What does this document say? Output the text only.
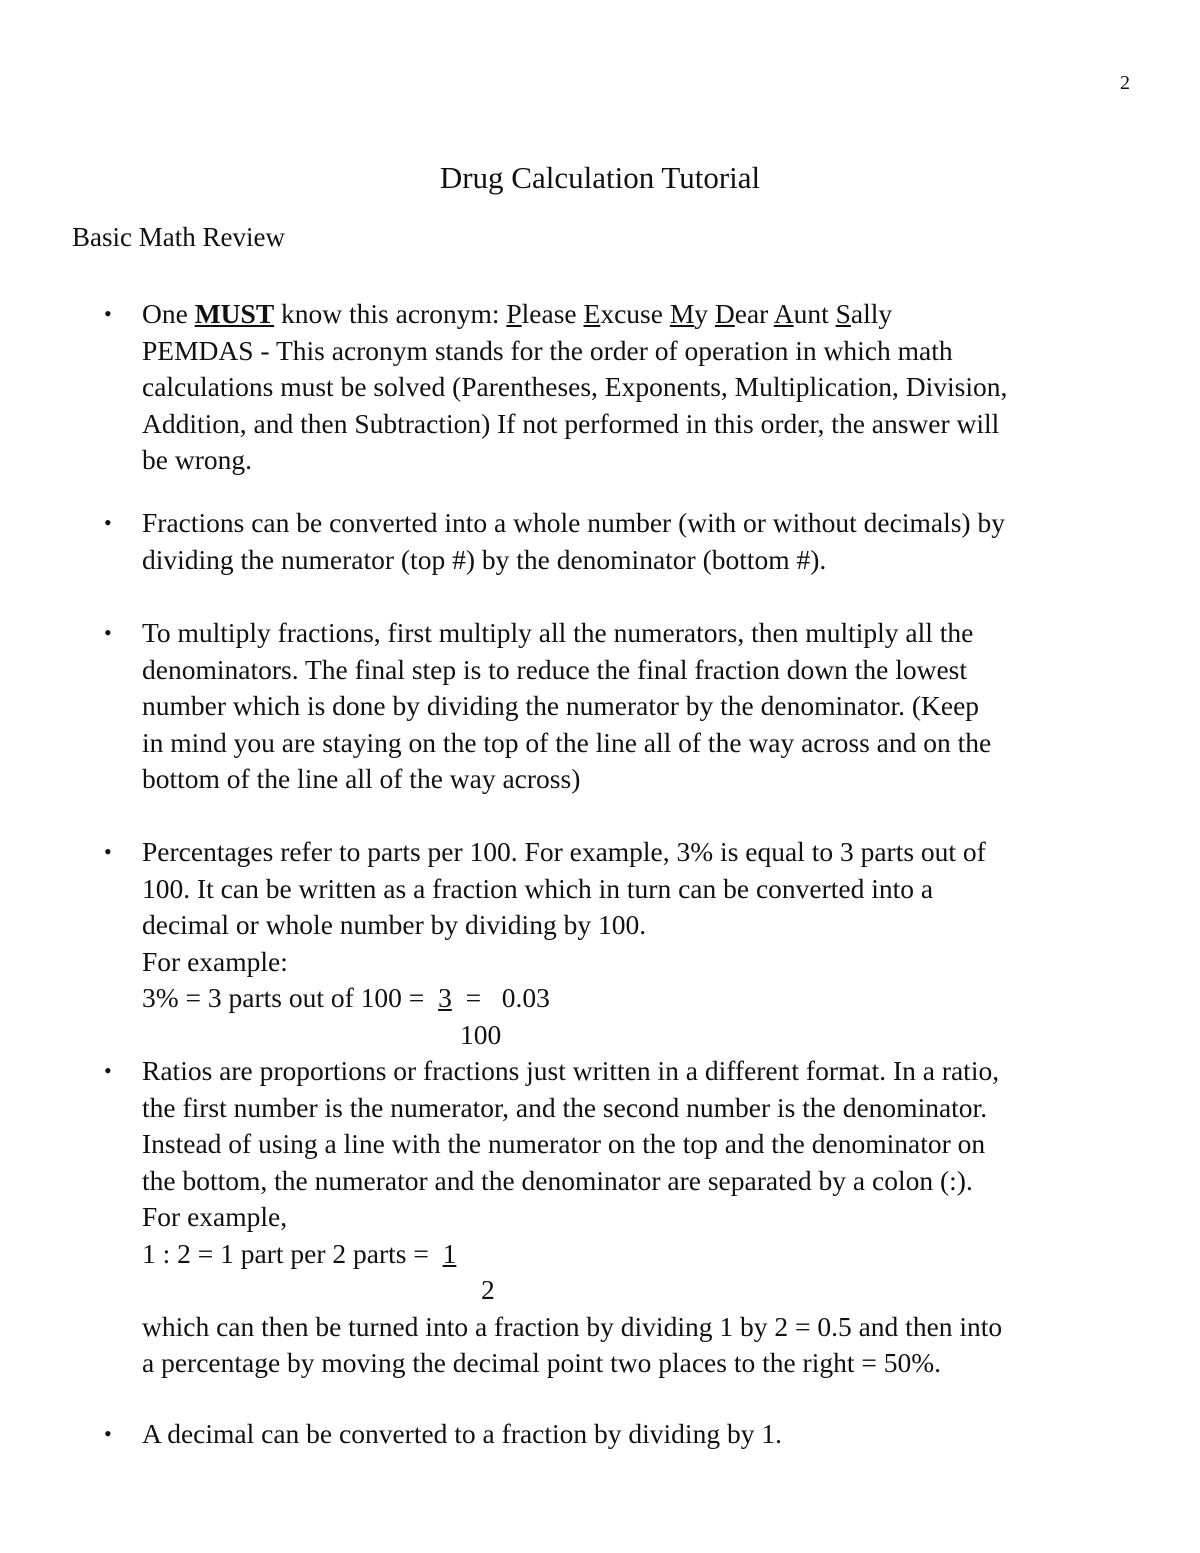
2
Drug Calculation Tutorial
Basic Math Review
• One MUST know this acronym: Please Excuse My Dear Aunt Sally
PEMDAS - This acronym stands for the order of operation in which math
calculations must be solved (Parentheses, Exponents, Multiplication, Division,
Addition, and then Subtraction) If not performed in this order, the answer will
be wrong.
• Fractions can be converted into a whole number (with or without decimals) by
dividing the numerator (top #) by the denominator (bottom #).
• To multiply fractions, first multiply all the numerators, then multiply all the
denominators. The final step is to reduce the final fraction down the lowest
number which is done by dividing the numerator by the denominator. (Keep
in mind you are staying on the top of the line all of the way across and on the
bottom of the line all of the way across)
• Percentages refer to parts per 100. For example, 3% is equal to 3 parts out of
100. It can be written as a fraction which in turn can be converted into a
decimal or whole number by dividing by 100.
For example:
3% = 3 parts out of 100 =  3  =   0.03
100
• Ratios are proportions or fractions just written in a different format. In a ratio,
the first number is the numerator, and the second number is the denominator.
Instead of using a line with the numerator on the top and the denominator on
the bottom, the numerator and the denominator are separated by a colon (:).
For example,
1 : 2 = 1 part per 2 parts =  1
2
which can then be turned into a fraction by dividing 1 by 2 = 0.5 and then into
a percentage by moving the decimal point two places to the right = 50%.
• A decimal can be converted to a fraction by dividing by 1.
